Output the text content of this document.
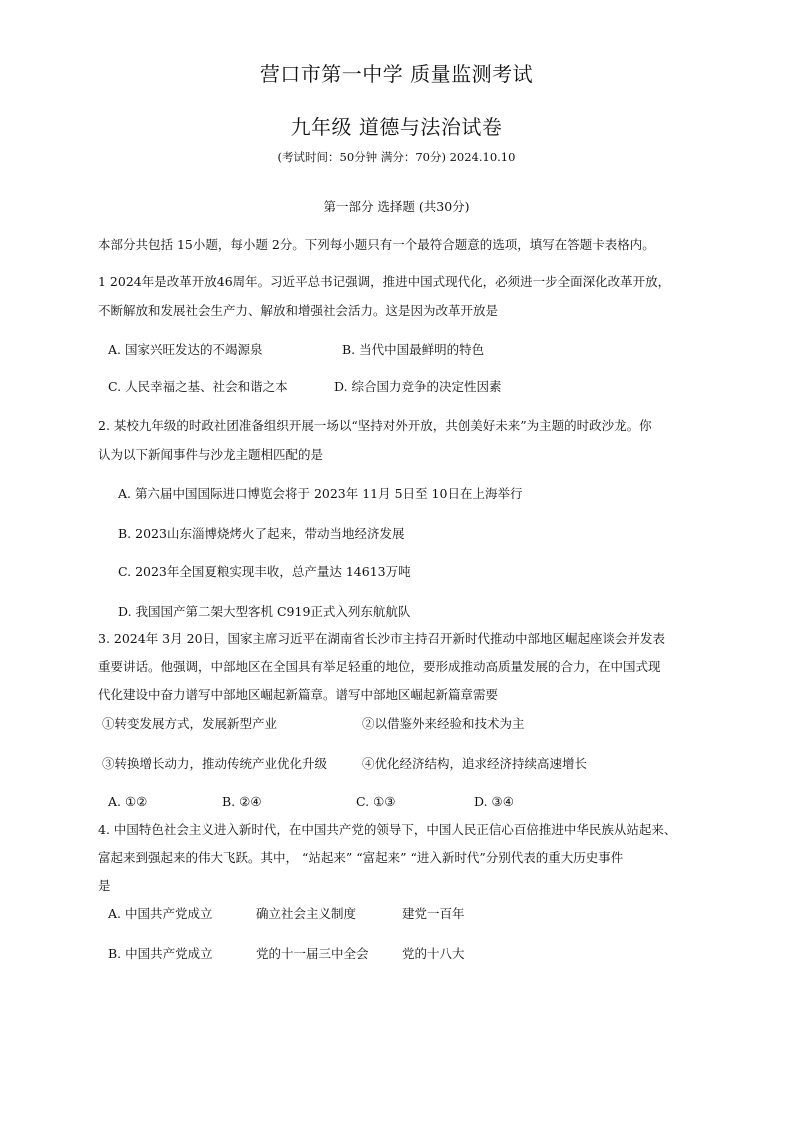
营口市第一中学 质量监测考试
九年级 道德与法治试卷
(考试时间：50分钟 满分：70分) 2024.10.10
第一部分 选择题 (共30分)
本部分共包括 15小题，每小题 2分。下列每小题只有一个最符合题意的选项，填写在答题卡表格内。
1 2024年是改革开放46周年。习近平总书记强调，推进中国式现代化，必须进一步全面深化改革开放，
不断解放和发展社会生产力、解放和增强社会活力。这是因为改革开放是
A. 国家兴旺发达的不竭源泉	B. 当代中国最鲜明的特色
C. 人民幸福之基、社会和谐之本	D. 综合国力竞争的决定性因素
2. 某校九年级的时政社团准备组织开展一场以“坚持对外开放，共创美好未来”为主题的时政沙龙。你
认为以下新闻事件与沙龙主题相匹配的是
A. 第六届中国国际进口博览会将于 2023年 11月 5日至 10日在上海举行
B. 2023山东淄博烧烤火了起来，带动当地经济发展
C. 2023年全国夏粮实现丰收，总产量达 14613万吨
D. 我国国产第二架大型客机 C919正式入列东航航队
3. 2024年 3月 20日，国家主席习近平在湖南省长沙市主持召开新时代推动中部地区崛起座谈会并发表
重要讲话。他强调，中部地区在全国具有举足轻重的地位，要形成推动高质量发展的合力，在中国式现
代化建设中奋力谱写中部地区崛起新篇章。谱写中部地区崛起新篇章需要
①转变发展方式，发展新型产业	②以借鉴外来经验和技术为主
③转换增长动力，推动传统产业优化升级	④优化经济结构，追求经济持续高速增长
A. ①②	B. ②④	C. ①③	D. ③④
4. 中国特色社会主义进入新时代，在中国共产党的领导下，中国人民正信心百倍推进中华民族从站起来、
富起来到强起来的伟大飞跃。其中， “站起来” “富起来” “进入新时代”分别代表的重大历史事件
是
A. 中国共产党成立	确立社会主义制度	建党一百年
B. 中国共产党成立	党的十一届三中全会	党的十八大
